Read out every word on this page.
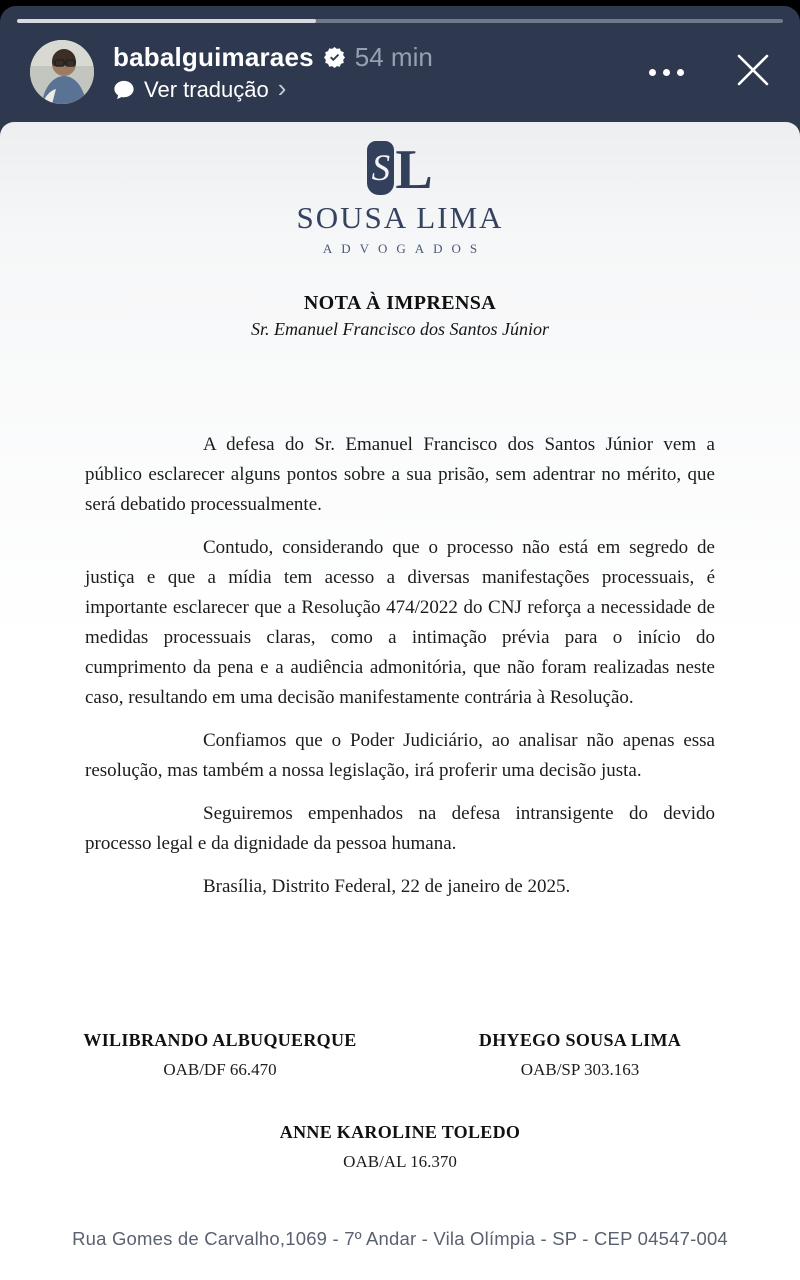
babalguimaraes 54 min
Ver tradução ›
S L
SOUSA LIMA
ADVOGADOS
NOTA À IMPRENSA
Sr. Emanuel Francisco dos Santos Júnior

A defesa do Sr. Emanuel Francisco dos Santos Júnior vem a público esclarecer alguns pontos sobre a sua prisão, sem adentrar no mérito, que será debatido processualmente.

Contudo, considerando que o processo não está em segredo de justiça e que a mídia tem acesso a diversas manifestações processuais, é importante esclarecer que a Resolução 474/2022 do CNJ reforça a necessidade de medidas processuais claras, como a intimação prévia para o início do cumprimento da pena e a audiência admonitória, que não foram realizadas neste caso, resultando em uma decisão manifestamente contrária à Resolução.

Confiamos que o Poder Judiciário, ao analisar não apenas essa resolução, mas também a nossa legislação, irá proferir uma decisão justa.

Seguiremos empenhados na defesa intransigente do devido processo legal e da dignidade da pessoa humana.

Brasília, Distrito Federal, 22 de janeiro de 2025.

WILIBRANDO ALBUQUERQUE
OAB/DF 66.470
DHYEGO SOUSA LIMA
OAB/SP 303.163
ANNE KAROLINE TOLEDO
OAB/AL 16.370
Rua Gomes de Carvalho,1069 - 7º Andar - Vila Olímpia - SP - CEP 04547-004
